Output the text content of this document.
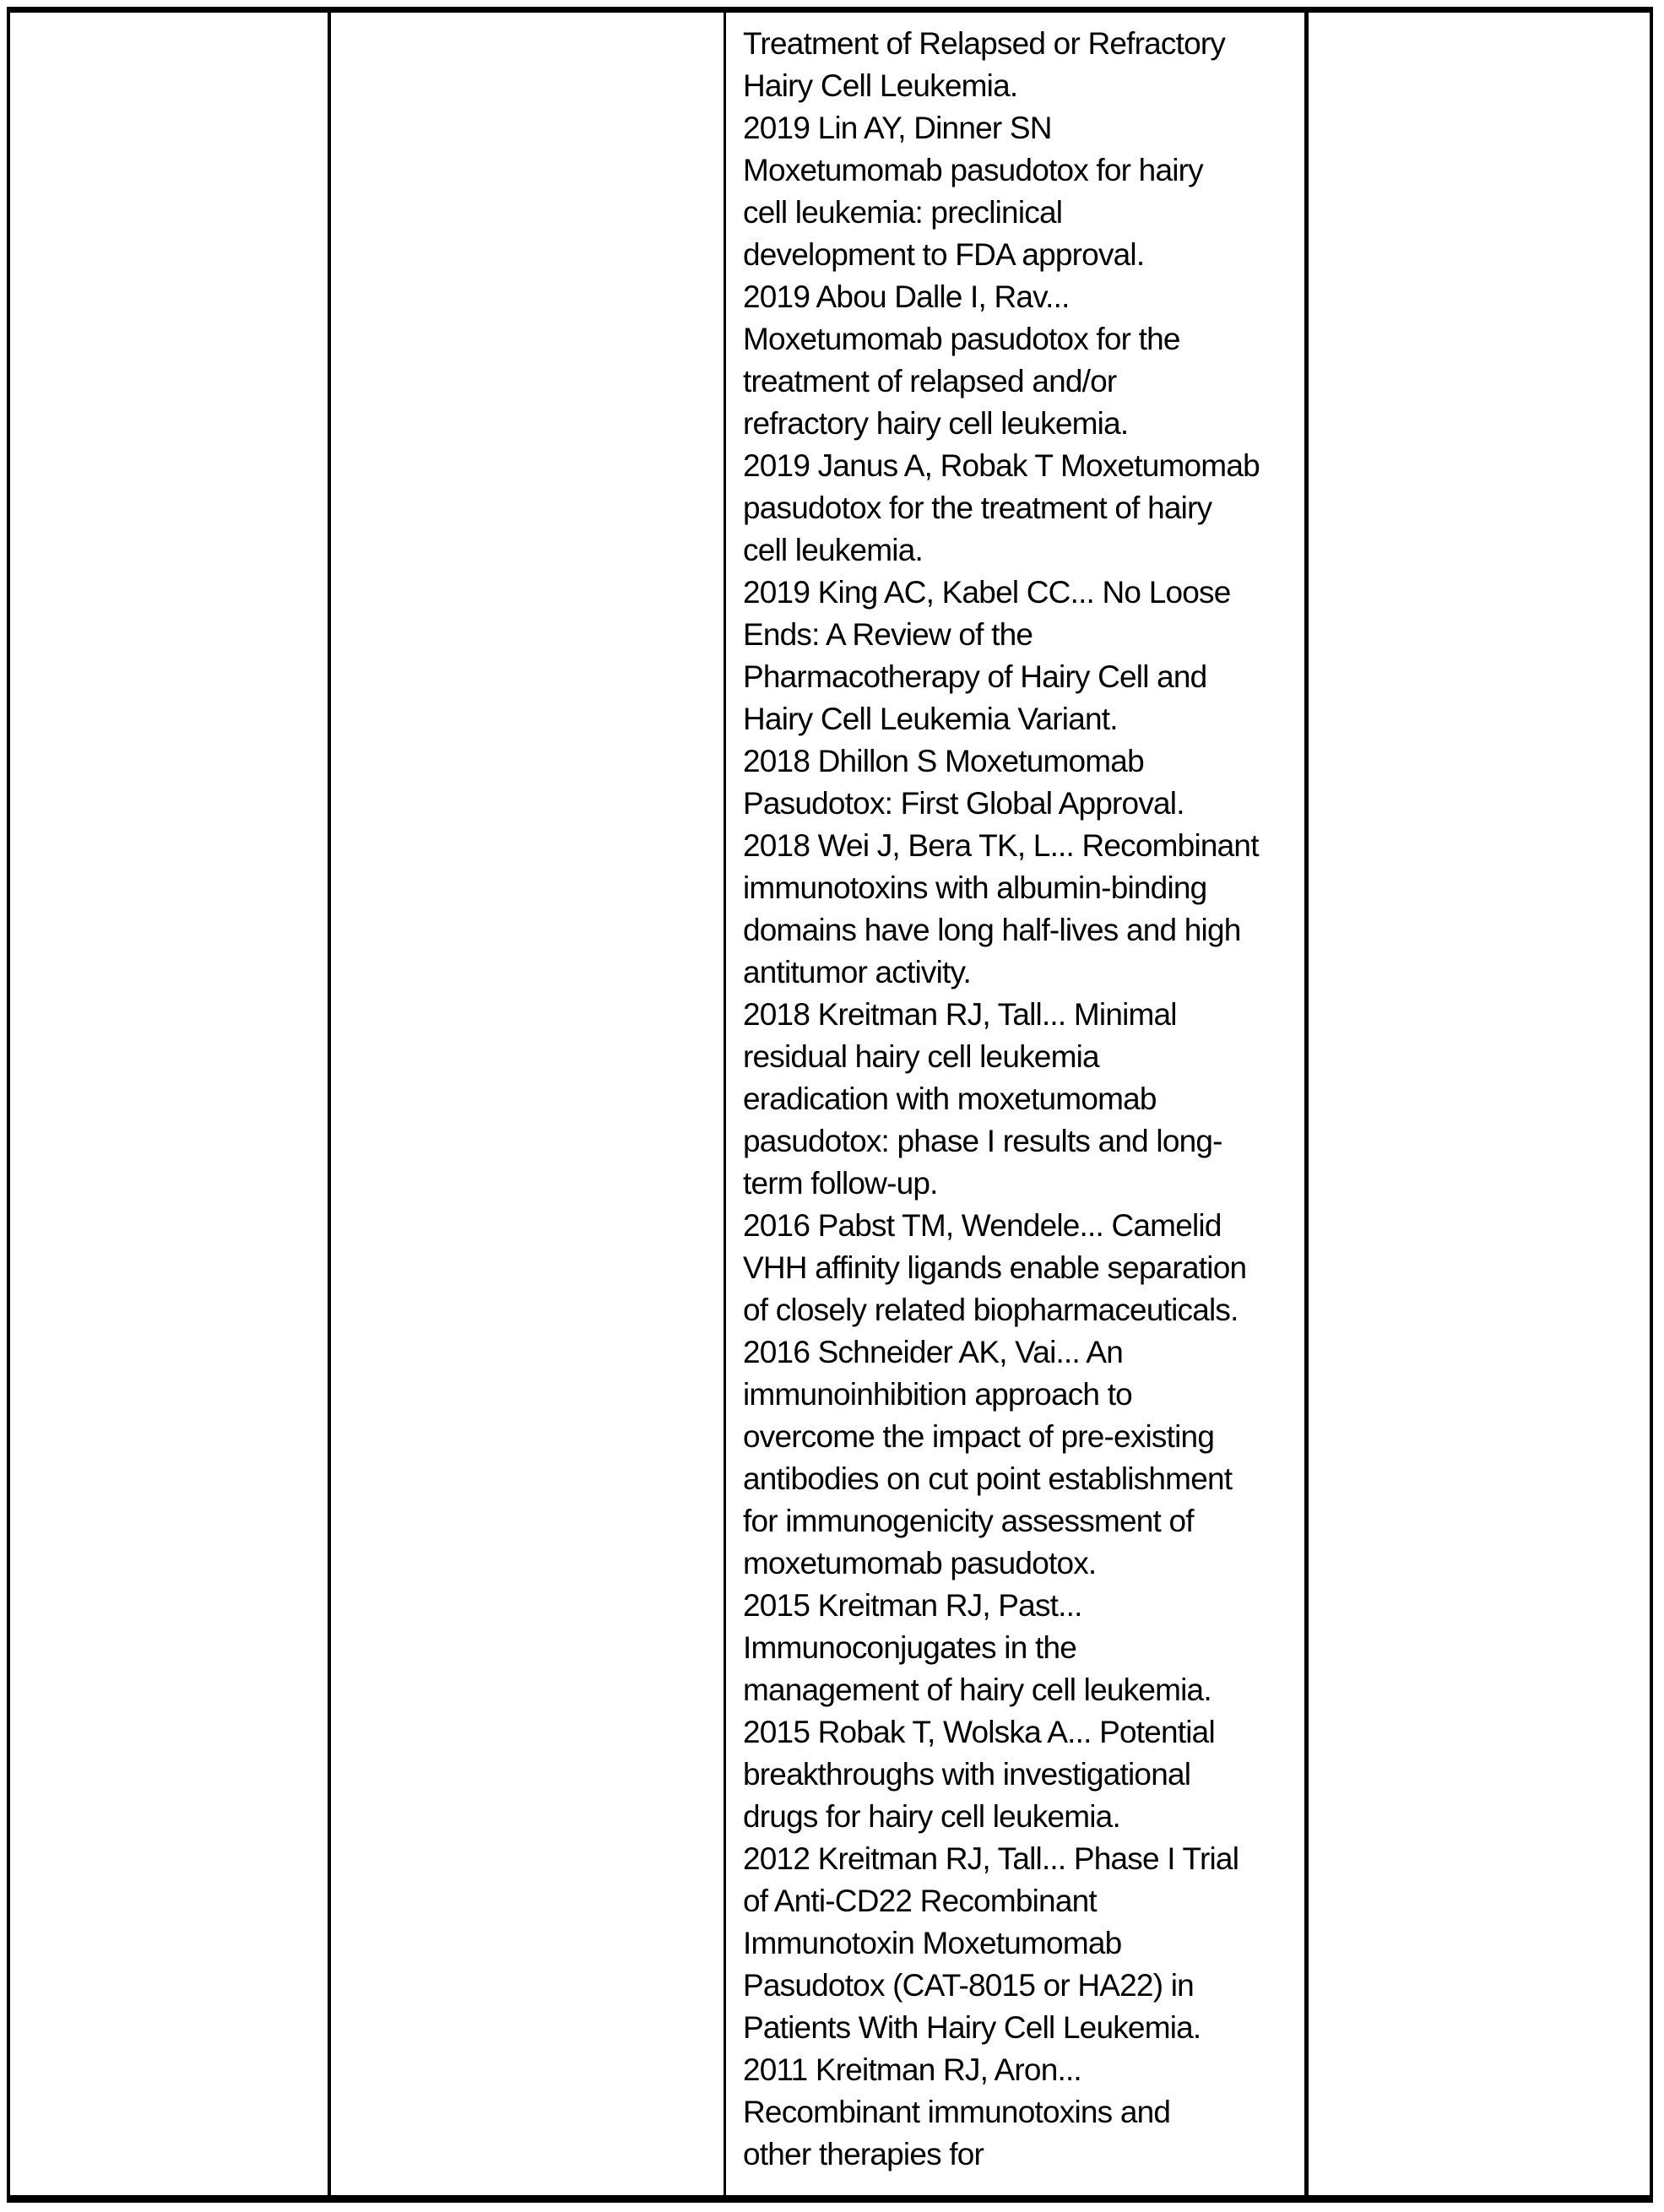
Treatment of Relapsed or Refractory
Hairy Cell Leukemia.
2019 Lin AY, Dinner SN
Moxetumomab pasudotox for hairy
cell leukemia: preclinical
development to FDA approval.
2019 Abou Dalle I, Rav...
Moxetumomab pasudotox for the
treatment of relapsed and/or
refractory hairy cell leukemia.
2019 Janus A, Robak T Moxetumomab
pasudotox for the treatment of hairy
cell leukemia.
2019 King AC, Kabel CC... No Loose
Ends: A Review of the
Pharmacotherapy of Hairy Cell and
Hairy Cell Leukemia Variant.
2018 Dhillon S Moxetumomab
Pasudotox: First Global Approval.
2018 Wei J, Bera TK, L... Recombinant
immunotoxins with albumin-binding
domains have long half-lives and high
antitumor activity.
2018 Kreitman RJ, Tall... Minimal
residual hairy cell leukemia
eradication with moxetumomab
pasudotox: phase I results and long-
term follow-up.
2016 Pabst TM, Wendele... Camelid
VHH affinity ligands enable separation
of closely related biopharmaceuticals.
2016 Schneider AK, Vai... An
immunoinhibition approach to
overcome the impact of pre-existing
antibodies on cut point establishment
for immunogenicity assessment of
moxetumomab pasudotox.
2015 Kreitman RJ, Past...
Immunoconjugates in the
management of hairy cell leukemia.
2015 Robak T, Wolska A... Potential
breakthroughs with investigational
drugs for hairy cell leukemia.
2012 Kreitman RJ, Tall... Phase I Trial
of Anti-CD22 Recombinant
Immunotoxin Moxetumomab
Pasudotox (CAT-8015 or HA22) in
Patients With Hairy Cell Leukemia.
2011 Kreitman RJ, Aron...
Recombinant immunotoxins and
other therapies for
